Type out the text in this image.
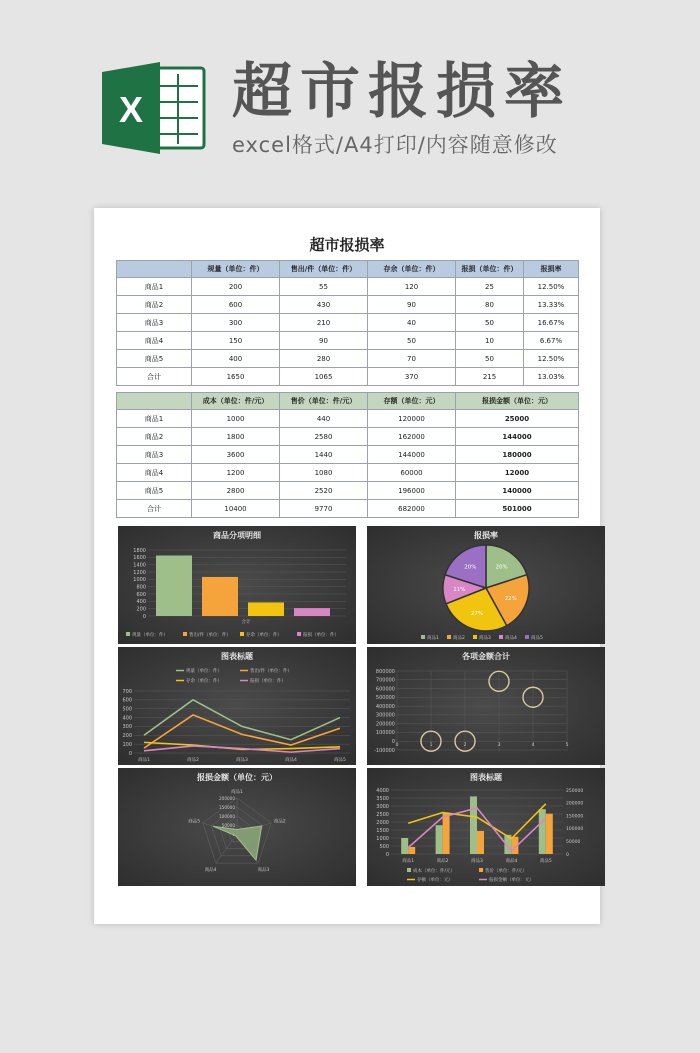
X 超市报损率
excel格式/A4打印/内容随意修改
超市报损率
	规量（单位：件）	售出/件（单位：件）	存余（单位：件）	报损（单位：件）	报损率
商品1	200	55	120	25	12.50%
商品2	600	430	90	80	13.33%
商品3	300	210	40	50	16.67%
商品4	150	90	50	10	6.67%
商品5	400	280	70	50	12.50%
合计	1650	1065	370	215	13.03%
	成本（单位：件/元）	售价（单位：件/元）	存额（单位：元）	报损金额（单位：元）
商品1	1000	440	120000	25000
商品2	1800	2580	162000	144000
商品3	3600	1440	144000	180000
商品4	1200	1080	60000	12000
商品5	2800	2520	196000	140000
合计	10400	9770	682000	501000
商品分项明细
0
200
400
600
800
1000
1200
1400
1600
1800
合计
规量（单位：件）	售出/件（单位：件）	存余（单位：件）	报损（单位：件）
报损率
20%
22%
27%
11%
20%
商品1	商品2	商品3	商品4	商品5
图表标题
0
100
200
300
400
500
600
700
商品1	商品2	商品3	商品4	商品5
规量（单位：件）	售出/件（单位：件）
存余（单位：件）	报损（单位：件）
各项金额合计
-100000
0
100000
200000
300000
400000
500000
600000
700000
800000
0	1	2	3	4	5
报损金额（单位：元）
50000
100000
150000
200000
商品1
商品2
商品3
商品4
商品5
图表标题
0
500
1000
1500
2000
2500
3000
3500
4000
0
50000
100000
150000
200000
250000
商品1	商品2	商品3	商品4	商品5
成本（单位：件/元）	售价（单位：件/元）
存额（单位：元）	报损金额（单位：元）
